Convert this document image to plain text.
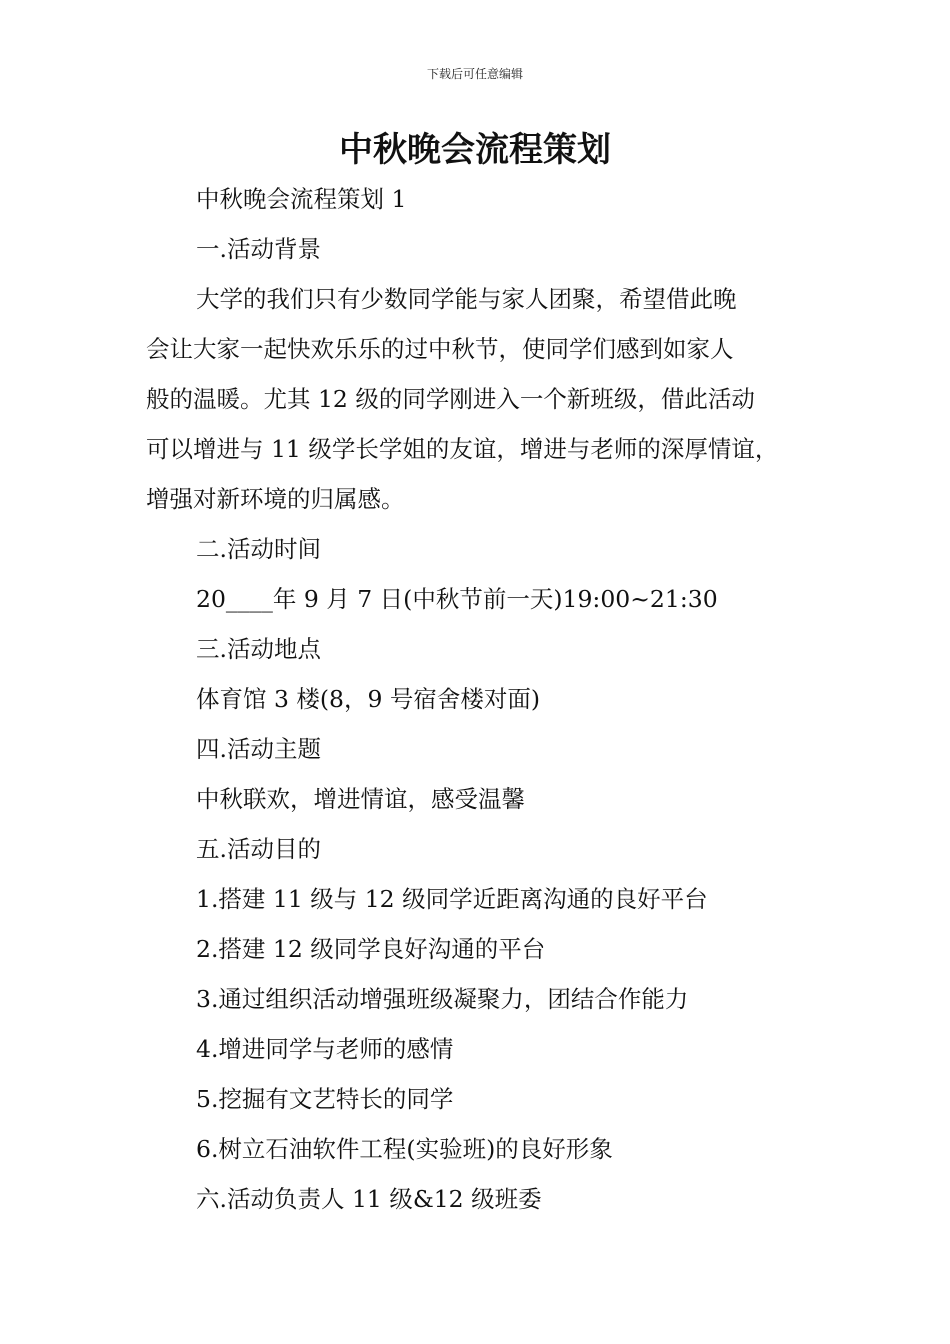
下载后可任意编辑
中秋晚会流程策划

中秋晚会流程策划 1

一.活动背景

大学的我们只有少数同学能与家人团聚，希望借此晚

会让大家一起快欢乐乐的过中秋节，使同学们感到如家人

般的温暖。尤其 12 级的同学刚进入一个新班级，借此活动

可以增进与 11 级学长学姐的友谊，增进与老师的深厚情谊，

增强对新环境的归属感。

二.活动时间

20____年 9 月 7 日(中秋节前一天)19:00~21:30

三.活动地点

体育馆 3 楼(8，9 号宿舍楼对面)

四.活动主题

中秋联欢，增进情谊，感受温馨

五.活动目的

1.搭建 11 级与 12 级同学近距离沟通的良好平台

2.搭建 12 级同学良好沟通的平台

3.通过组织活动增强班级凝聚力，团结合作能力

4.增进同学与老师的感情

5.挖掘有文艺特长的同学

6.树立石油软件工程(实验班)的良好形象

六.活动负责人 11 级&12 级班委
